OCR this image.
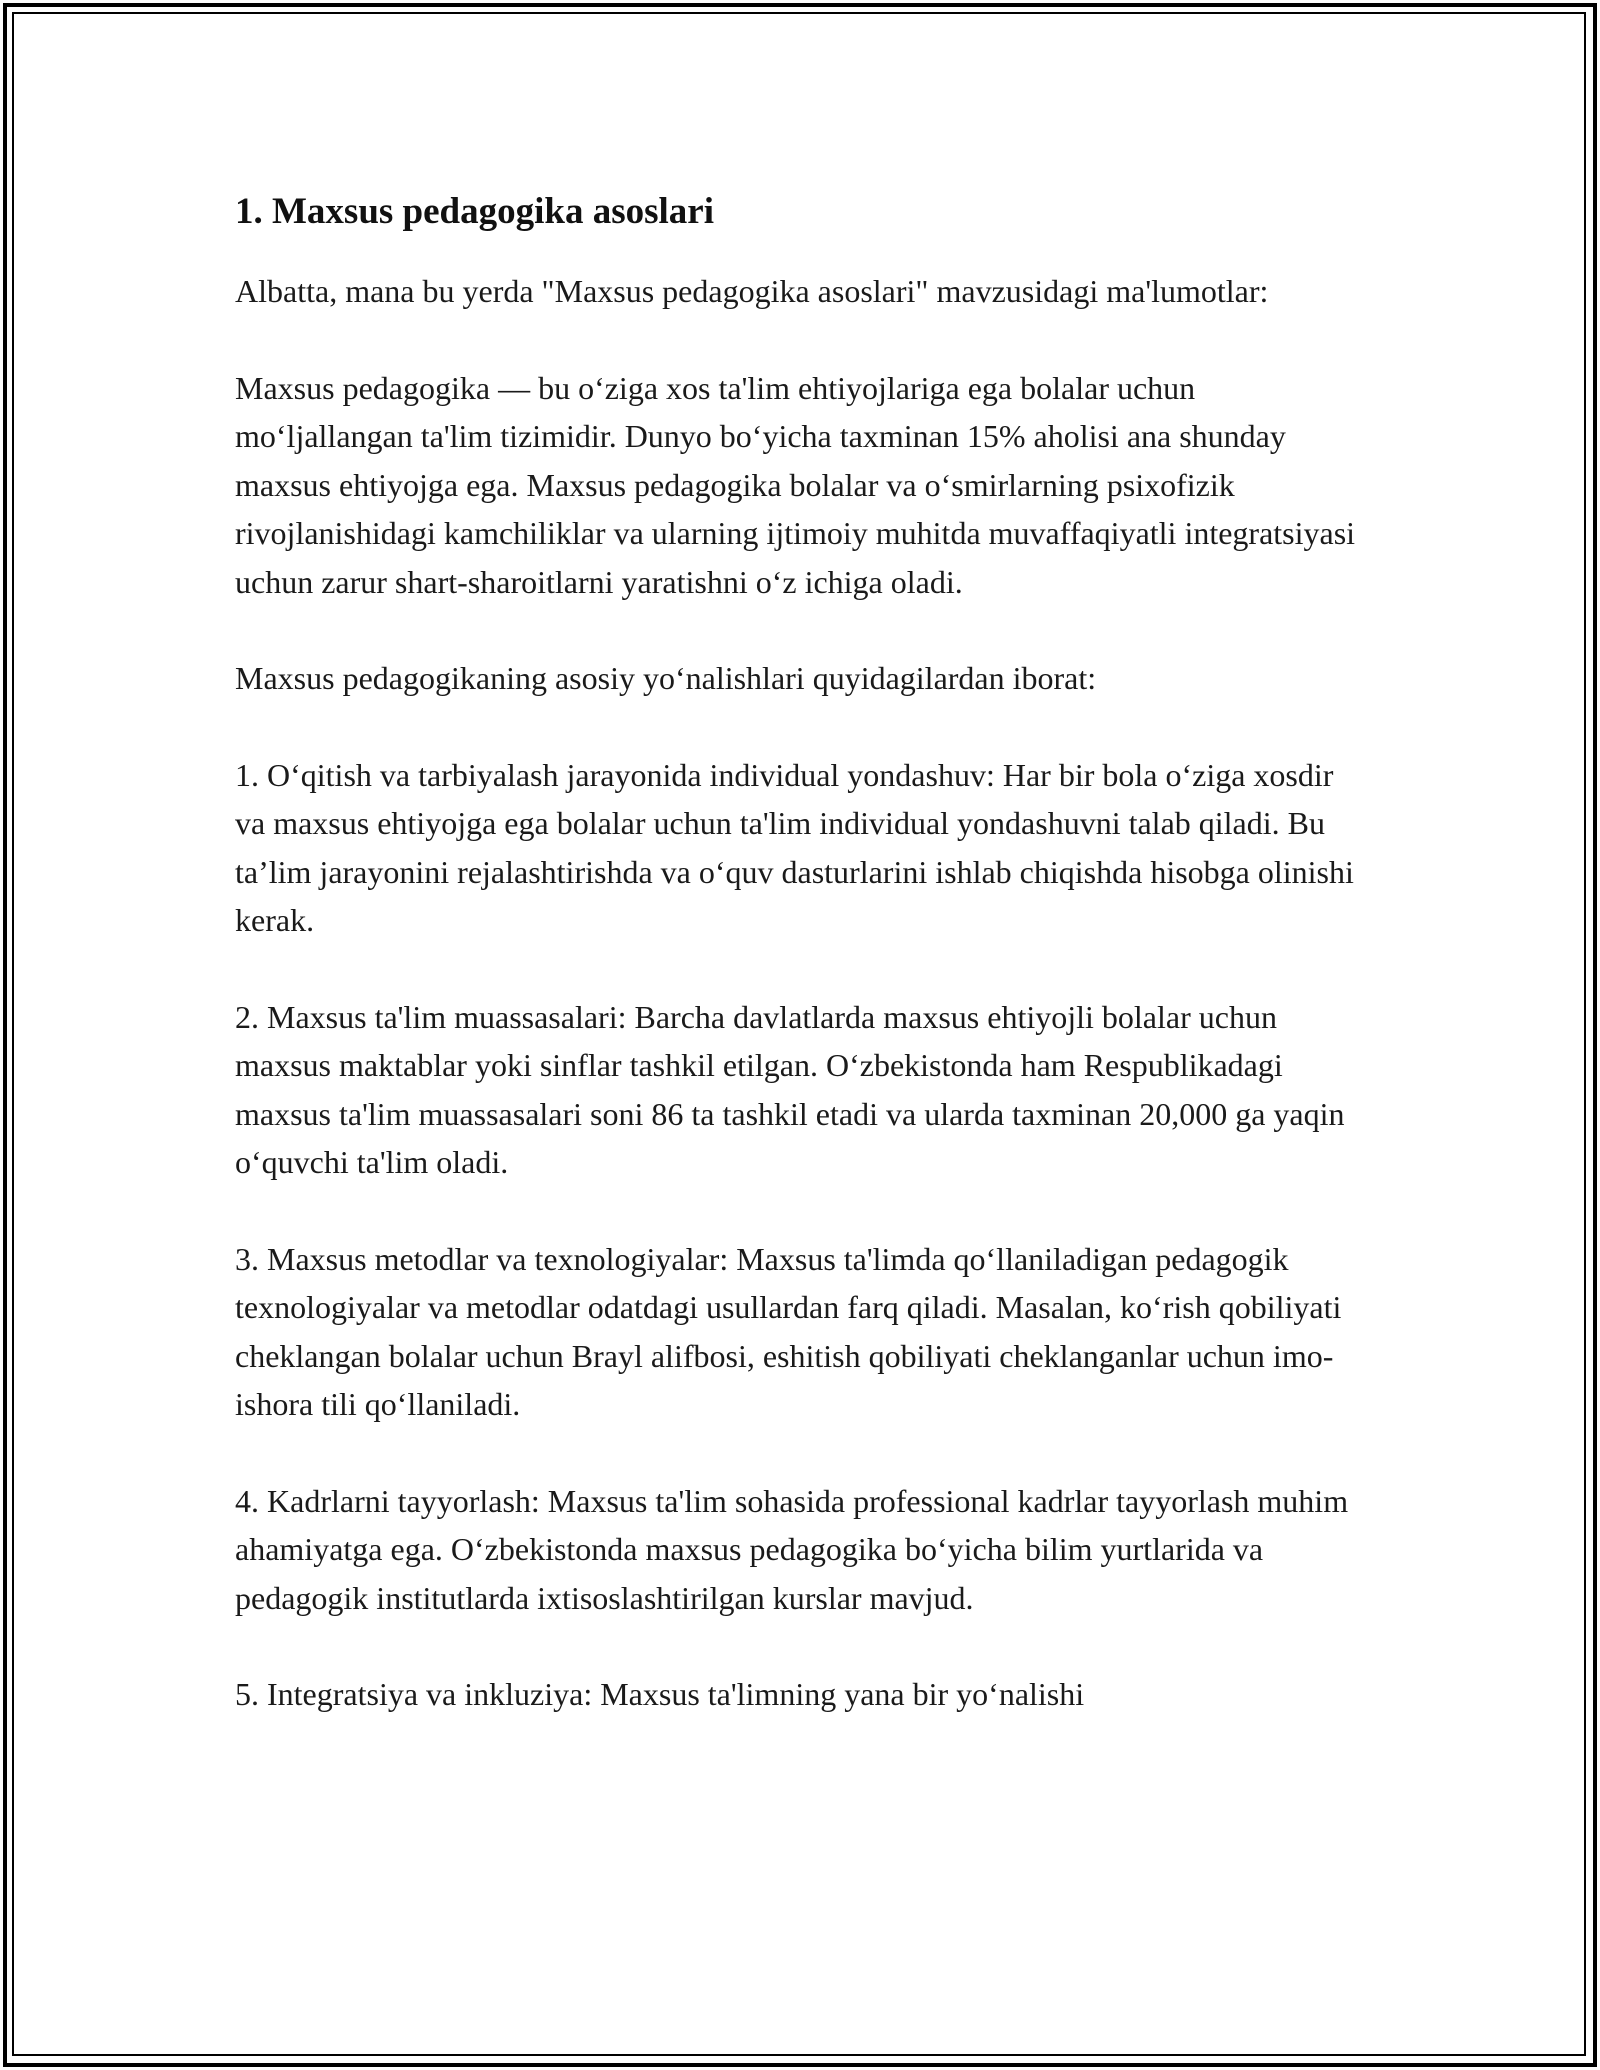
1. Maxsus pedagogika asoslari

Albatta, mana bu yerda "Maxsus pedagogika asoslari" mavzusidagi ma'lumotlar:

Maxsus pedagogika — bu o‘ziga xos ta'lim ehtiyojlariga ega bolalar uchun mo‘ljallangan ta'lim tizimidir. Dunyo bo‘yicha taxminan 15% aholisi ana shunday maxsus ehtiyojga ega. Maxsus pedagogika bolalar va o‘smirlarning psixofizik rivojlanishidagi kamchiliklar va ularning ijtimoiy muhitda muvaffaqiyatli integratsiyasi uchun zarur shart-sharoitlarni yaratishni o‘z ichiga oladi.

Maxsus pedagogikaning asosiy yo‘nalishlari quyidagilardan iborat:

1. O‘qitish va tarbiyalash jarayonida individual yondashuv: Har bir bola o‘ziga xosdir va maxsus ehtiyojga ega bolalar uchun ta'lim individual yondashuvni talab qiladi. Bu ta’lim jarayonini rejalashtirishda va o‘quv dasturlarini ishlab chiqishda hisobga olinishi kerak.

2. Maxsus ta'lim muassasalari: Barcha davlatlarda maxsus ehtiyojli bolalar uchun maxsus maktablar yoki sinflar tashkil etilgan. O‘zbekistonda ham Respublikadagi maxsus ta'lim muassasalari soni 86 ta tashkil etadi va ularda taxminan 20,000 ga yaqin o‘quvchi ta'lim oladi.

3. Maxsus metodlar va texnologiyalar: Maxsus ta'limda qo‘llaniladigan pedagogik texnologiyalar va metodlar odatdagi usullardan farq qiladi. Masalan, ko‘rish qobiliyati cheklangan bolalar uchun Brayl alifbosi, eshitish qobiliyati cheklanganlar uchun imo-ishora tili qo‘llaniladi.

4. Kadrlarni tayyorlash: Maxsus ta'lim sohasida professional kadrlar tayyorlash muhim ahamiyatga ega. O‘zbekistonda maxsus pedagogika bo‘yicha bilim yurtlarida va pedagogik institutlarda ixtisoslashtirilgan kurslar mavjud.

5. Integratsiya va inkluziya: Maxsus ta'limning yana bir yo‘nalishi
